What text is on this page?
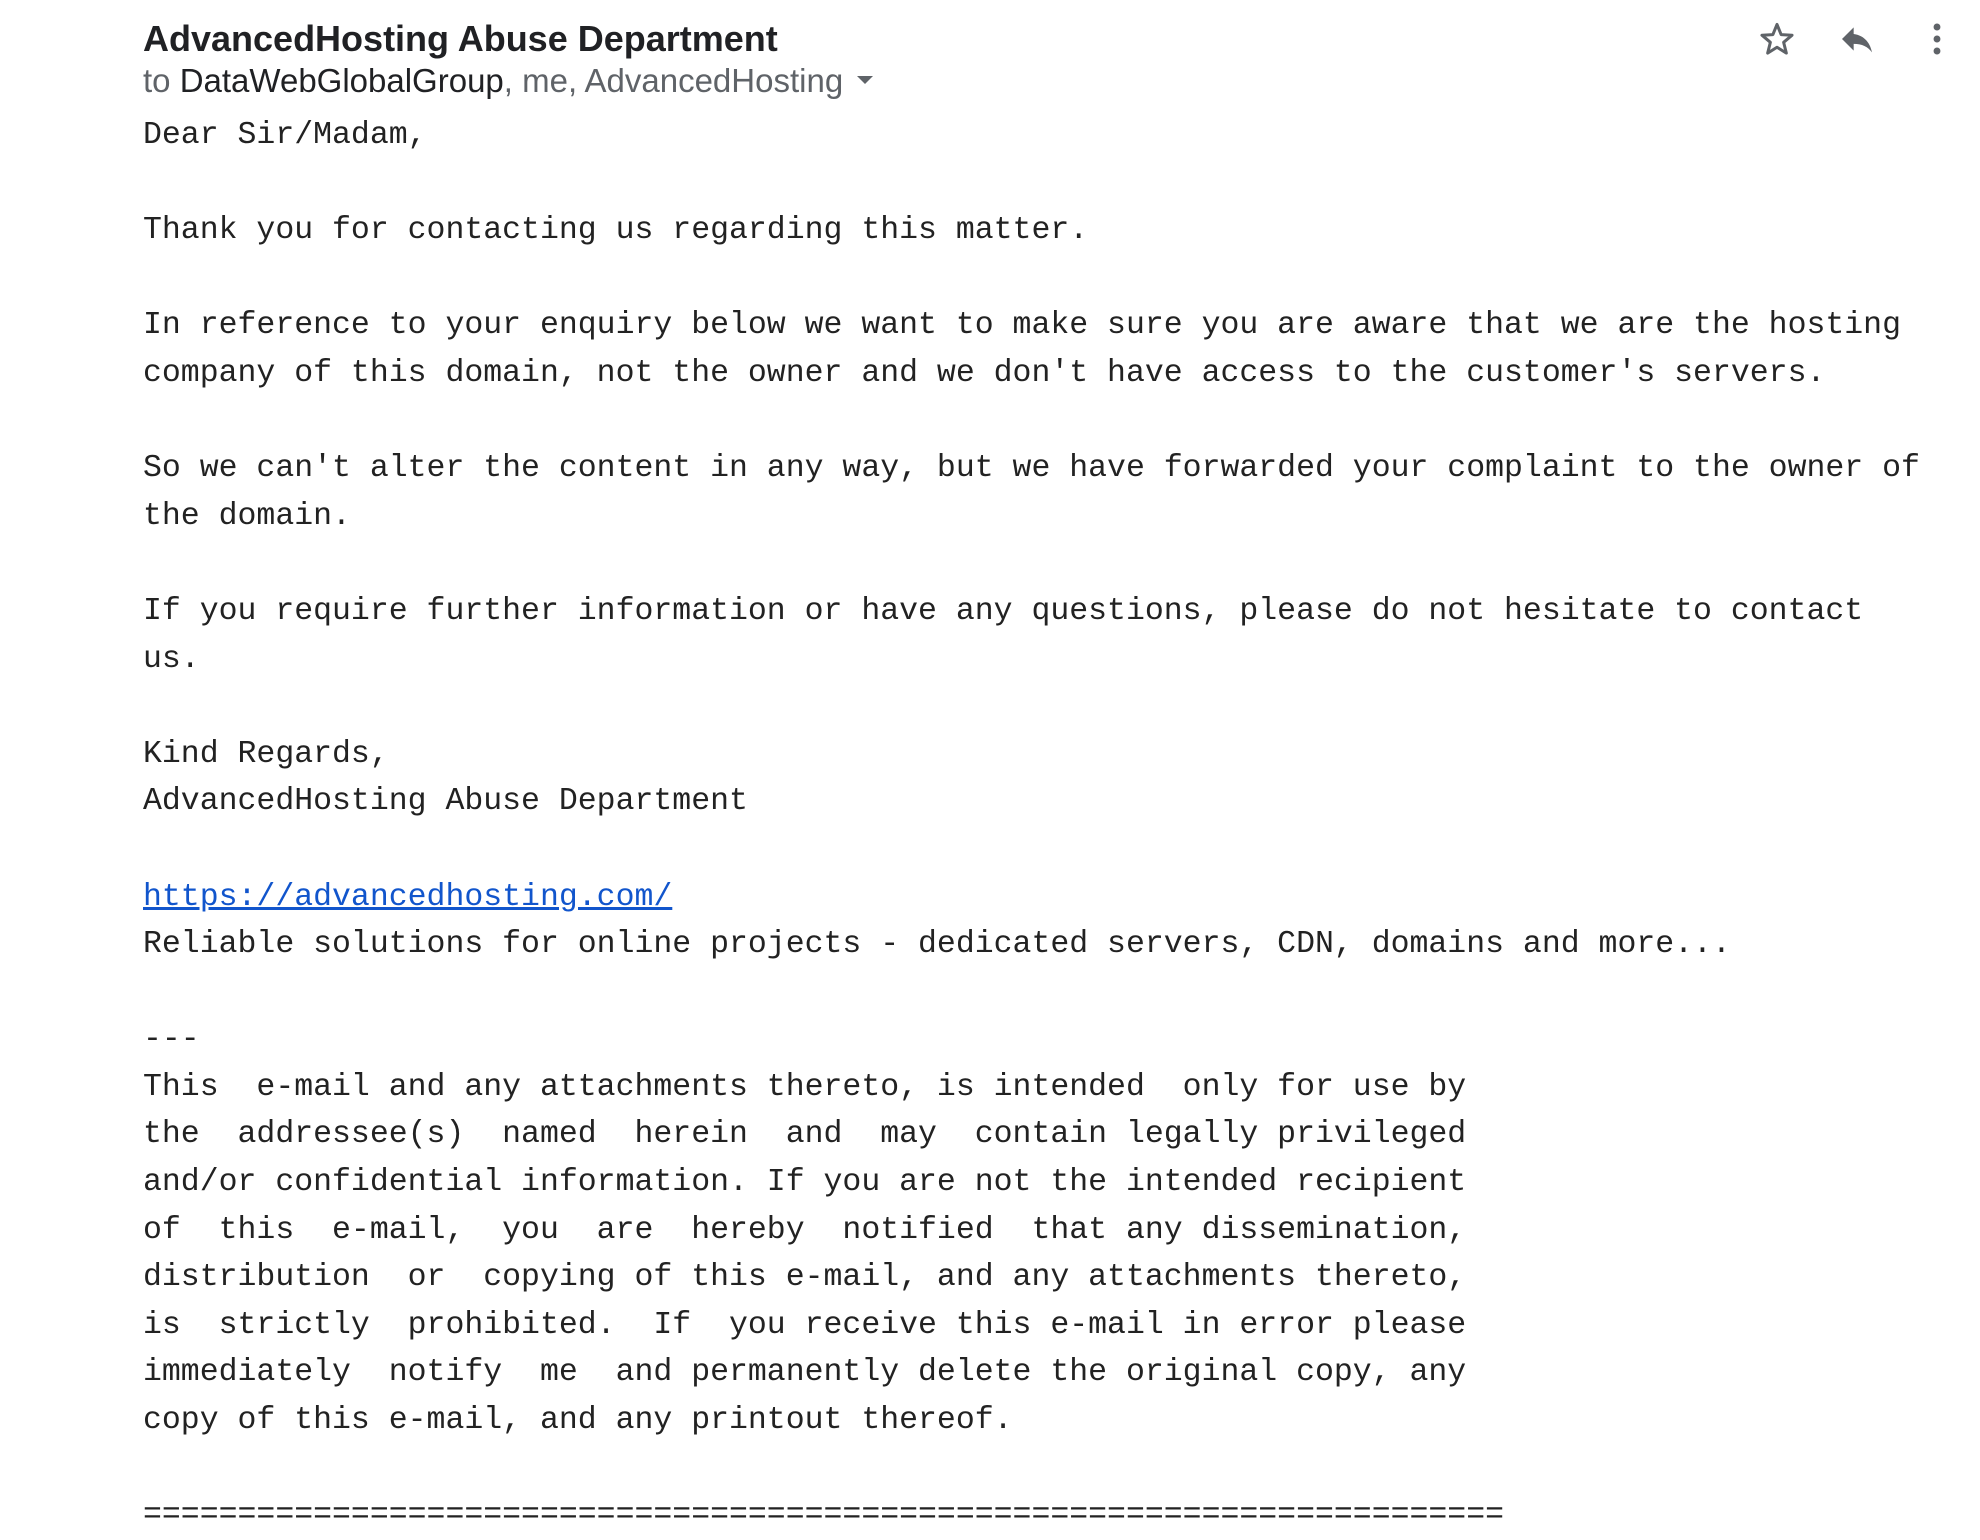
AdvancedHosting Abuse Department
to DataWebGlobalGroup, me, AdvancedHosting

Dear Sir/Madam,

Thank you for contacting us regarding this matter.

In reference to your enquiry below we want to make sure you are aware that we are the hosting
company of this domain, not the owner and we don't have access to the customer's servers.

So we can't alter the content in any way, but we have forwarded your complaint to the owner of
the domain.

If you require further information or have any questions, please do not hesitate to contact
us.

Kind Regards,
AdvancedHosting Abuse Department

https://advancedhosting.com/

Reliable solutions for online projects - dedicated servers, CDN, domains and more...

---

This  e-mail and any attachments thereto, is intended  only for use by
the  addressee(s)  named  herein  and  may  contain legally privileged
and/or confidential information. If you are not the intended recipient
of  this  e-mail,  you  are  hereby  notified  that any dissemination,
distribution  or  copying of this e-mail, and any attachments thereto,
is  strictly  prohibited.  If  you receive this e-mail in error please
immediately  notify  me  and permanently delete the original copy, any
copy of this e-mail, and any printout thereof.

========================================================================
